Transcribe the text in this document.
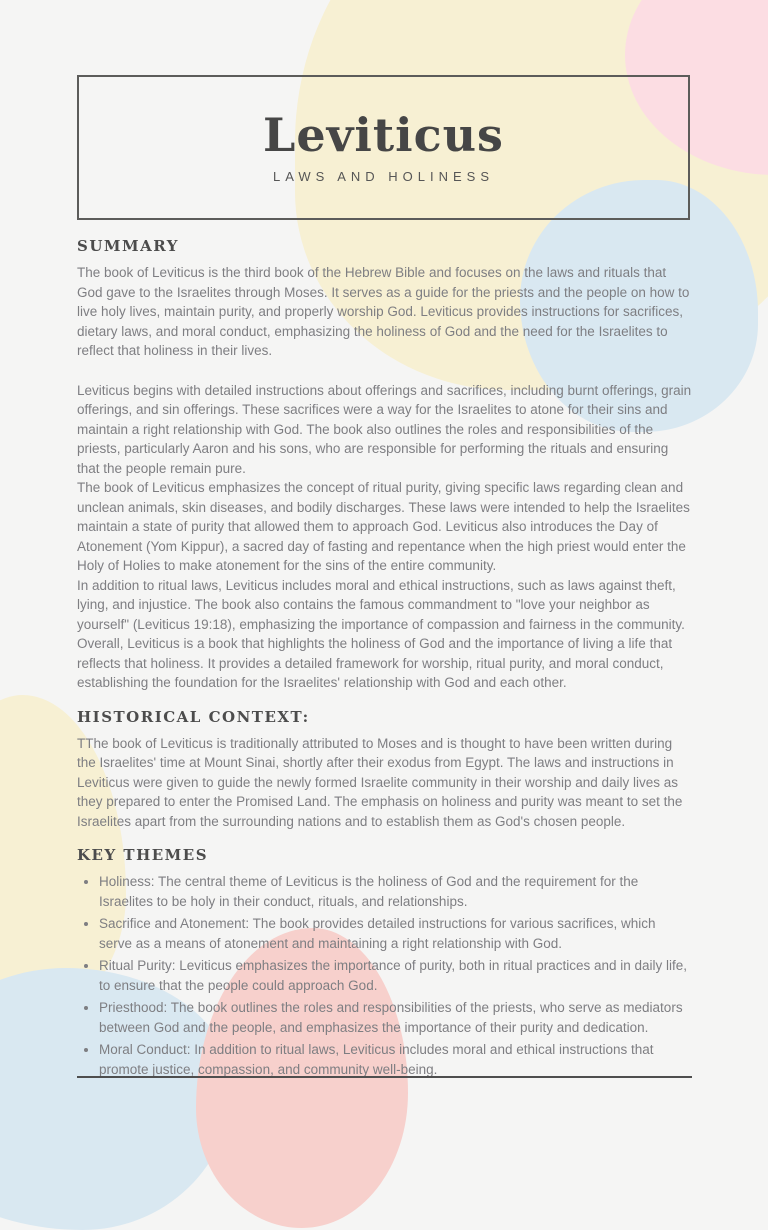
Leviticus
LAWS AND HOLINESS
SUMMARY

The book of Leviticus is the third book of the Hebrew Bible and focuses on the laws and rituals that God gave to the Israelites through Moses. It serves as a guide for the priests and the people on how to live holy lives, maintain purity, and properly worship God. Leviticus provides instructions for sacrifices, dietary laws, and moral conduct, emphasizing the holiness of God and the need for the Israelites to reflect that holiness in their lives.

Leviticus begins with detailed instructions about offerings and sacrifices, including burnt offerings, grain offerings, and sin offerings. These sacrifices were a way for the Israelites to atone for their sins and maintain a right relationship with God. The book also outlines the roles and responsibilities of the priests, particularly Aaron and his sons, who are responsible for performing the rituals and ensuring that the people remain pure.

The book of Leviticus emphasizes the concept of ritual purity, giving specific laws regarding clean and unclean animals, skin diseases, and bodily discharges. These laws were intended to help the Israelites maintain a state of purity that allowed them to approach God. Leviticus also introduces the Day of Atonement (Yom Kippur), a sacred day of fasting and repentance when the high priest would enter the Holy of Holies to make atonement for the sins of the entire community.

In addition to ritual laws, Leviticus includes moral and ethical instructions, such as laws against theft, lying, and injustice. The book also contains the famous commandment to "love your neighbor as yourself" (Leviticus 19:18), emphasizing the importance of compassion and fairness in the community.

Overall, Leviticus is a book that highlights the holiness of God and the importance of living a life that reflects that holiness. It provides a detailed framework for worship, ritual purity, and moral conduct, establishing the foundation for the Israelites' relationship with God and each other.

HISTORICAL CONTEXT:

TThe book of Leviticus is traditionally attributed to Moses and is thought to have been written during the Israelites' time at Mount Sinai, shortly after their exodus from Egypt. The laws and instructions in Leviticus were given to guide the newly formed Israelite community in their worship and daily lives as they prepared to enter the Promised Land. The emphasis on holiness and purity was meant to set the Israelites apart from the surrounding nations and to establish them as God's chosen people.

KEY THEMES
• Holiness: The central theme of Leviticus is the holiness of God and the requirement for the Israelites to be holy in their conduct, rituals, and relationships.
• Sacrifice and Atonement: The book provides detailed instructions for various sacrifices, which serve as a means of atonement and maintaining a right relationship with God.
• Ritual Purity: Leviticus emphasizes the importance of purity, both in ritual practices and in daily life, to ensure that the people could approach God.
• Priesthood: The book outlines the roles and responsibilities of the priests, who serve as mediators between God and the people, and emphasizes the importance of their purity and dedication.
• Moral Conduct: In addition to ritual laws, Leviticus includes moral and ethical instructions that promote justice, compassion, and community well-being.
